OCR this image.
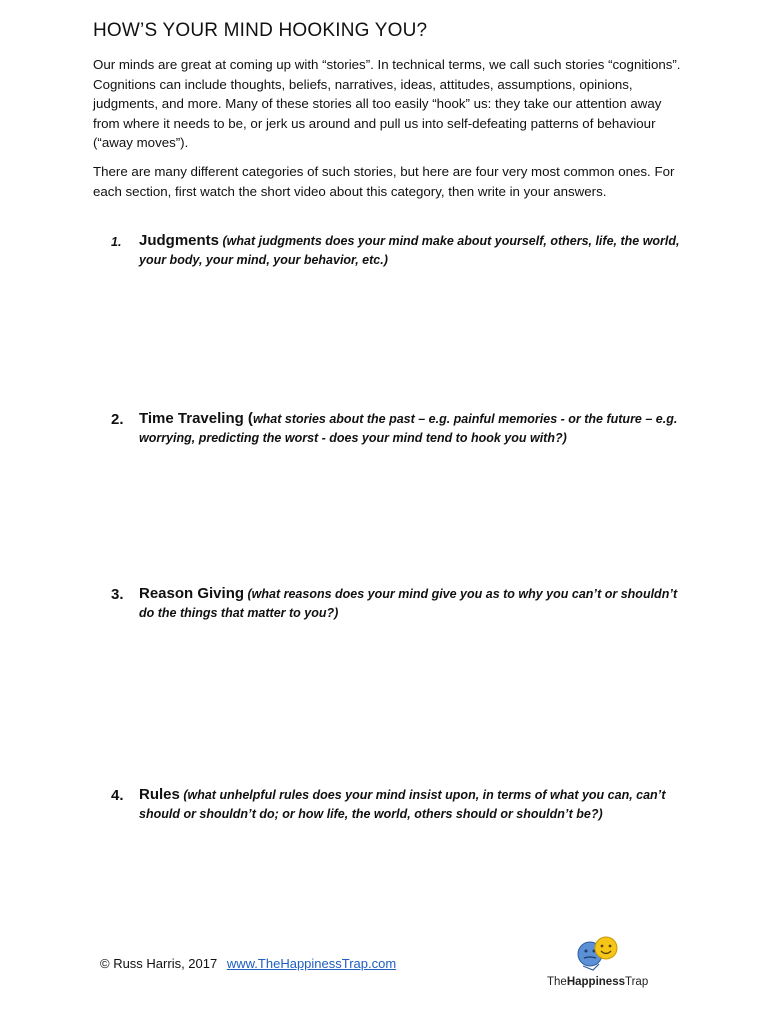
HOW’S YOUR MIND HOOKING YOU?

Our minds are great at coming up with “stories”. In technical terms, we call such stories “cognitions”. Cognitions can include thoughts, beliefs, narratives, ideas, attitudes, assumptions, opinions, judgments, and more. Many of these stories all too easily “hook” us: they take our attention away from where it needs to be, or jerk us around and pull us into self-defeating patterns of behaviour (“away moves”).

There are many different categories of such stories, but here are four very most common ones. For each section, first watch the short video about this category, then write in your answers.

1.	Judgments (what judgments does your mind make about yourself, others, life, the world, your body, your mind, your behavior, etc.)
2.	Time Traveling (what stories about the past – e.g. painful memories - or the future – e.g. worrying, predicting the worst - does your mind tend to hook you with?)
3.	Reason Giving (what reasons does your mind give you as to why you can’t or shouldn’t do the things that matter to you?)
4.	Rules (what unhelpful rules does your mind insist upon, in terms of what you can, can’t should or shouldn’t do; or how life, the world, others should or shouldn’t be?)
© Russ Harris, 2017 www.TheHappinessTrap.com
TheHappinessTrap
